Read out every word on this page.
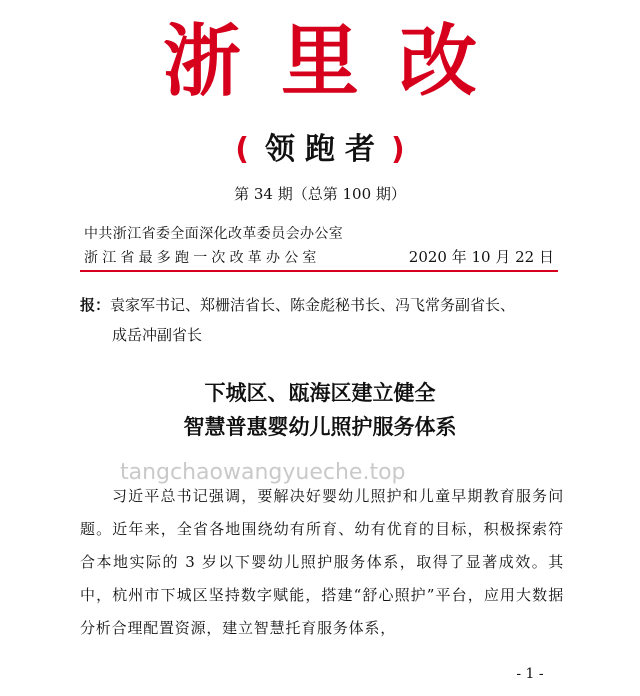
浙里改
( 领跑者 )
第 34 期（总第 100 期）
中共浙江省委全面深化改革委员会办公室
浙江省最多跑一次改革办公室	2020 年 10 月 22 日
报：袁家军书记、郑栅洁省长、陈金彪秘书长、冯飞常务副省长、
成岳冲副省长
下城区、瓯海区建立健全
智慧普惠婴幼儿照护服务体系
习近平总书记强调，要解决好婴幼儿照护和儿童早期教育服务问题。近年来，全省各地围绕幼有所育、幼有优育的目标，积极探索符合本地实际的 3 岁以下婴幼儿照护服务体系，取得了显著成效。其中，杭州市下城区坚持数字赋能，搭建“舒心照护”平台，应用大数据分析合理配置资源，建立智慧托育服务体系，
tangchaowangyueche.top
- 1 -
